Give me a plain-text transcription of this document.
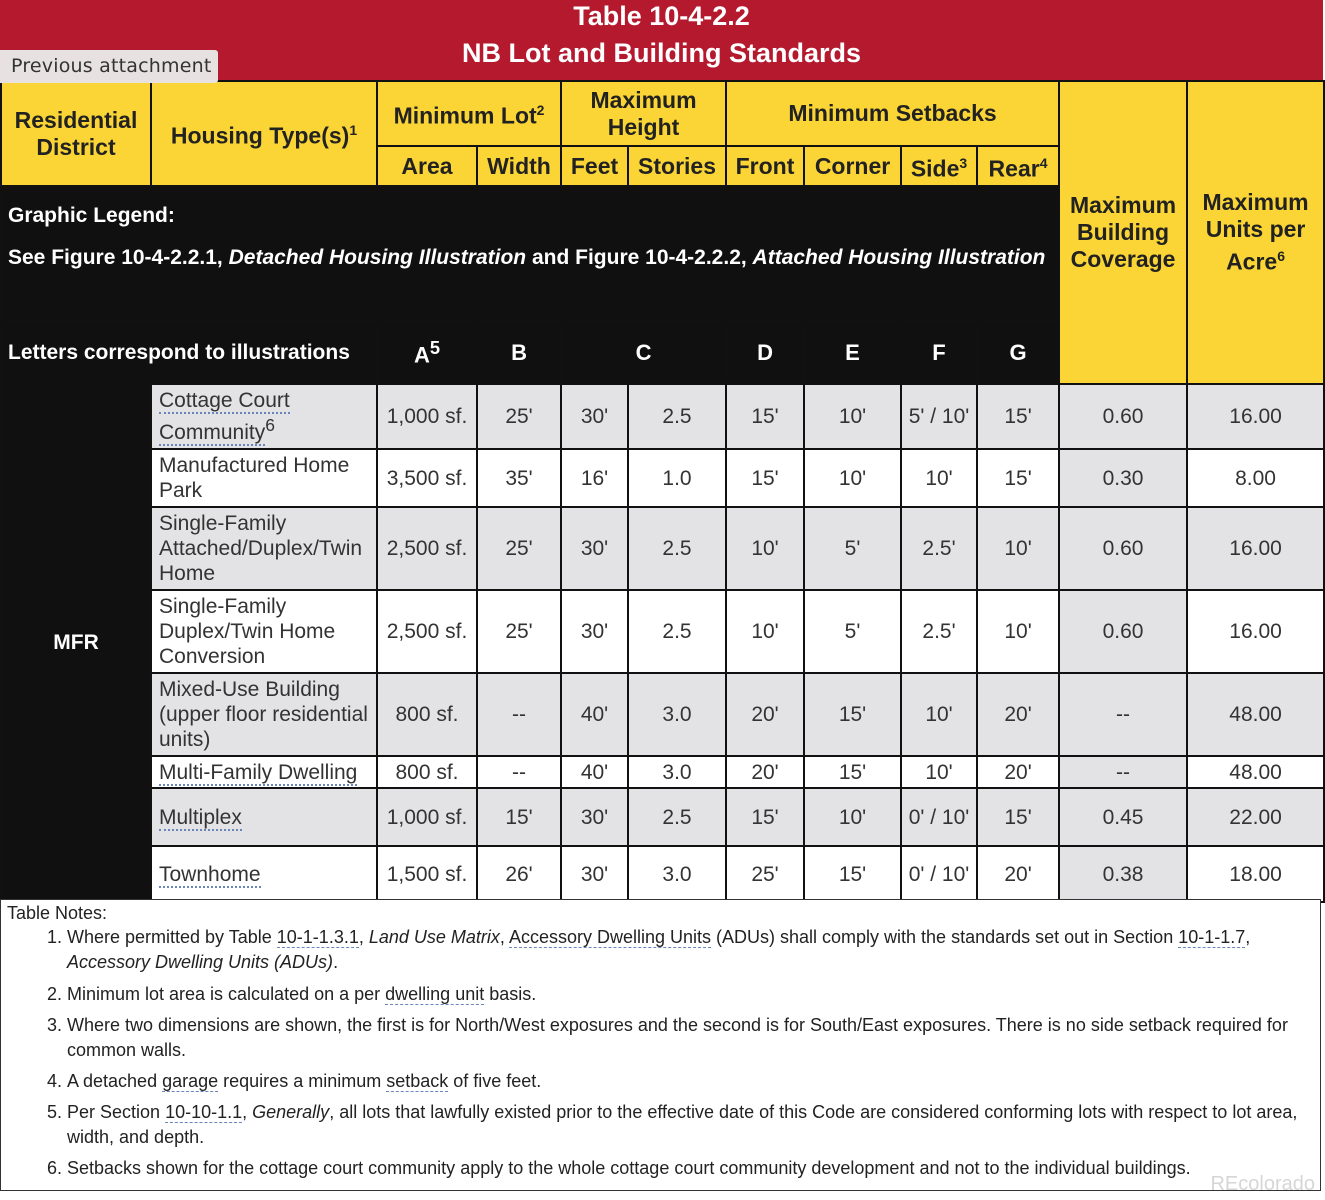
Table 10-4-2.2
NB Lot and Building Standards
Previous attachment
Residential District	Housing $Type(s)^1$	Minimum Lot$^2$		Maximum Height		Minimum Setbacks				Maximum Building Coverage	Maximum Units per Acre$^6$
		Area	Width	Feet	Stories	Front	Corner	Side$^3$	Rear$^4$

Graphic Legend:
See Figure 10-4-2.2.1, Detached Housing Illustration and Figure 10-4-2.2.2, Attached Housing Illustration											

Letters correspond to illustrations		$A^5$	B	C		D	E	F	G		
MFR	Cottage Court Community$^6$	1,000 sf.	25'	30'	2.5	15'	10'	5' / 10'	15'	0.60	16.00
	Manufactured Home Park	3,500 sf.	35'	16'	1.0	15'	10'	10'	15'	0.30	8.00
	Single-Family Attached/Duplex/Twin Home	2,500 sf.	25'	30'	2.5	10'	5'	2.5'	10'	0.60	16.00
	Single-Family Duplex/Twin Home Conversion	2,500 sf.	25'	30'	2.5	10'	5'	2.5'	10'	0.60	16.00
	Mixed-Use Building (upper floor residential units)	800 sf.	--	40'	3.0	20'	15'	10'	20'	--	48.00
	Multi-Family Dwelling	800 sf.	--	40'	3.0	20'	15'	10'	20'	--	48.00
	Multiplex	1,000 sf.	15'	30'	2.5	15'	10'	0' / 10'	15'	0.45	22.00
	Townhome	1,500 sf.	26'	30'	3.0	25'	15'	0' / 10'	20'	0.38	18.00
Table Notes:
1. Where permitted by Table 10-1-1.3.1, Land Use Matrix, Accessory Dwelling Units (ADUs) shall comply with the standards set out in Section 10-1-1.7, Accessory Dwelling Units (ADUs).
2. Minimum lot area is calculated on a per dwelling unit basis.
3. Where two dimensions are shown, the first is for North/West exposures and the second is for South/East exposures. There is no side setback required for common walls.
4. A detached garage requires a minimum setback of five feet.
5. Per Section 10-10-1.1, Generally, all lots that lawfully existed prior to the effective date of this Code are considered conforming lots with respect to lot area, width, and depth.
6. Setbacks shown for the cottage court community apply to the whole cottage court community development and not to the individual buildings.
REcolorado
